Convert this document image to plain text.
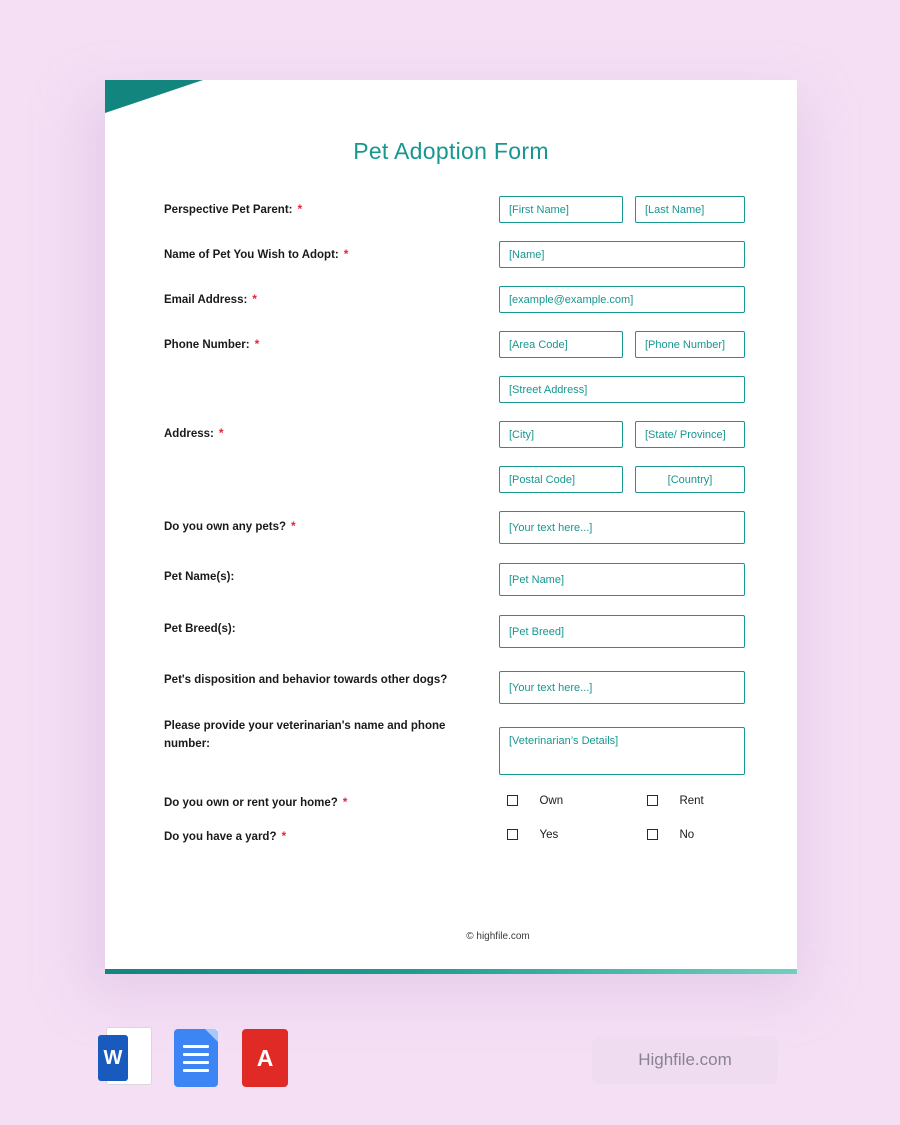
Pet Adoption Form
Perspective Pet Parent: *	[First Name]	[Last Name]
Name of Pet You Wish to Adopt: *	[Name]
Email Address: *	[example@example.com]
Phone Number: *	[Area Code]	[Phone Number]
Address: *
[Street Address]
[City]	[State/ Province]
[Postal Code]	[Country]
Do you own any pets? *	[Your text here...]
Pet Name(s):	[Pet Name]
Pet Breed(s):	[Pet Breed]
Pet's disposition and behavior towards other dogs?
[Your text here...]
Please provide your veterinarian's name and phone number:	[Veterinarian’s Details]
Do you own or rent your home? *	Own	Rent
Do you have a yard? *	Yes	No
© highfile.com
W	A	Highfile.com
